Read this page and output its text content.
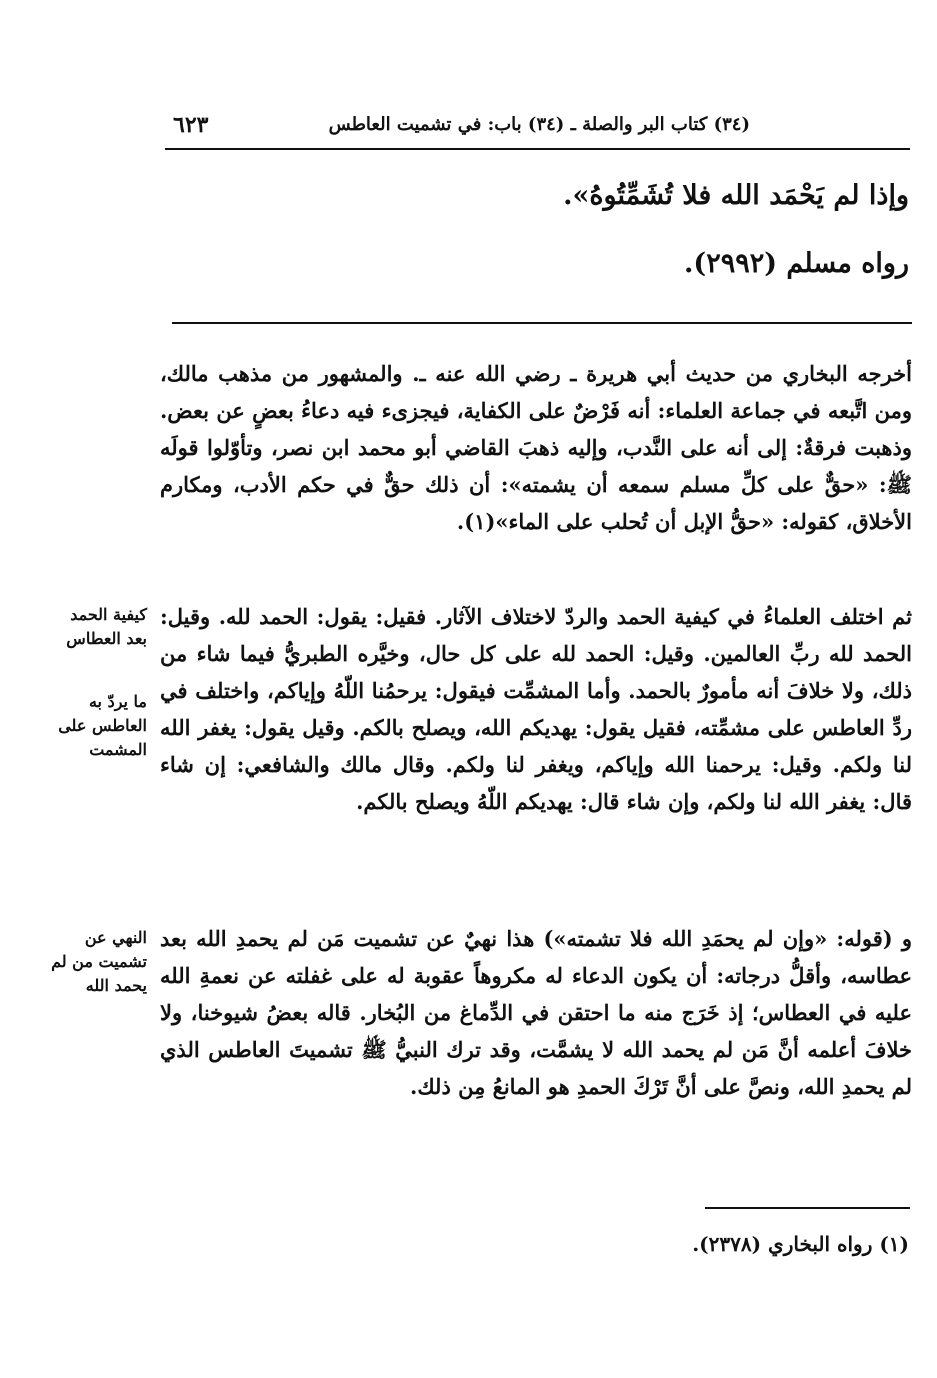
٦٢٣	(٣٤) كتاب البر والصلة ـ (٣٤) باب: في تشميت العاطس
وإذا لم يَحْمَد الله فلا تُشَمِّتُوهُ».
رواه مسلم (٢٩٩٢).

أخرجه البخاري من حديث أبي هريرة ـ رضي الله عنه ـ. والمشهور من مذهب مالك، ومن اتَّبعه في جماعة العلماء: أنه فَرْضٌ على الكفاية، فيجزىء فيه دعاءُ بعضٍ عن بعض. وذهبت فرقةٌ: إلى أنه على النَّدب، وإليه ذهبَ القاضي أبو محمد ابن نصر، وتأوّلوا قولَه ﷺ: «حقٌّ على كلِّ مسلم سمعه أن يشمته»: أن ذلك حقٌّ في حكم الأدب، ومكارم الأخلاق، كقوله: «حقُّ الإبل أن تُحلب على الماء»(١).

ثم اختلف العلماءُ في كيفية الحمد والردّ لاختلاف الآثار. فقيل: يقول: الحمد لله. وقيل: الحمد لله ربِّ العالمين. وقيل: الحمد لله على كل حال، وخيَّره الطبريُّ فيما شاء من ذلك، ولا خلافَ أنه مأمورٌ بالحمد. وأما المشمِّت فيقول: يرحمُنا اللّهُ وإياكم، واختلف في ردِّ العاطس على مشمِّته، فقيل يقول: يهديكم الله، ويصلح بالكم. وقيل يقول: يغفر الله لنا ولكم. وقيل: يرحمنا الله وإياكم، ويغفر لنا ولكم. وقال مالك والشافعي: إن شاء قال: يغفر الله لنا ولكم، وإن شاء قال: يهديكم اللّهُ ويصلح بالكم.

و (قوله: «وإن لم يحمَدِ الله فلا تشمته») هذا نهيٌ عن تشميت مَن لم يحمدِ الله بعد عطاسه، وأقلُّ درجاته: أن يكون الدعاء له مكروهاً عقوبة له على غفلته عن نعمةِ الله عليه في العطاس؛ إذ خَرَج منه ما احتقن في الدِّماغ من البُخار. قاله بعضُ شيوخنا، ولا خلافَ أعلمه أنَّ مَن لم يحمد الله لا يشمَّت، وقد ترك النبيُّ ﷺ تشميتَ العاطس الذي لم يحمدِ الله، ونصَّ على أنَّ تَرْكَ الحمدِ هو المانعُ مِن ذلك.

كيفية الحمد
بعد العطاس
ما يردّ به
العاطس على
المشمت
النهي عن
تشميت من لم
يحمد الله
(١) رواه البخاري (٢٣٧٨).
